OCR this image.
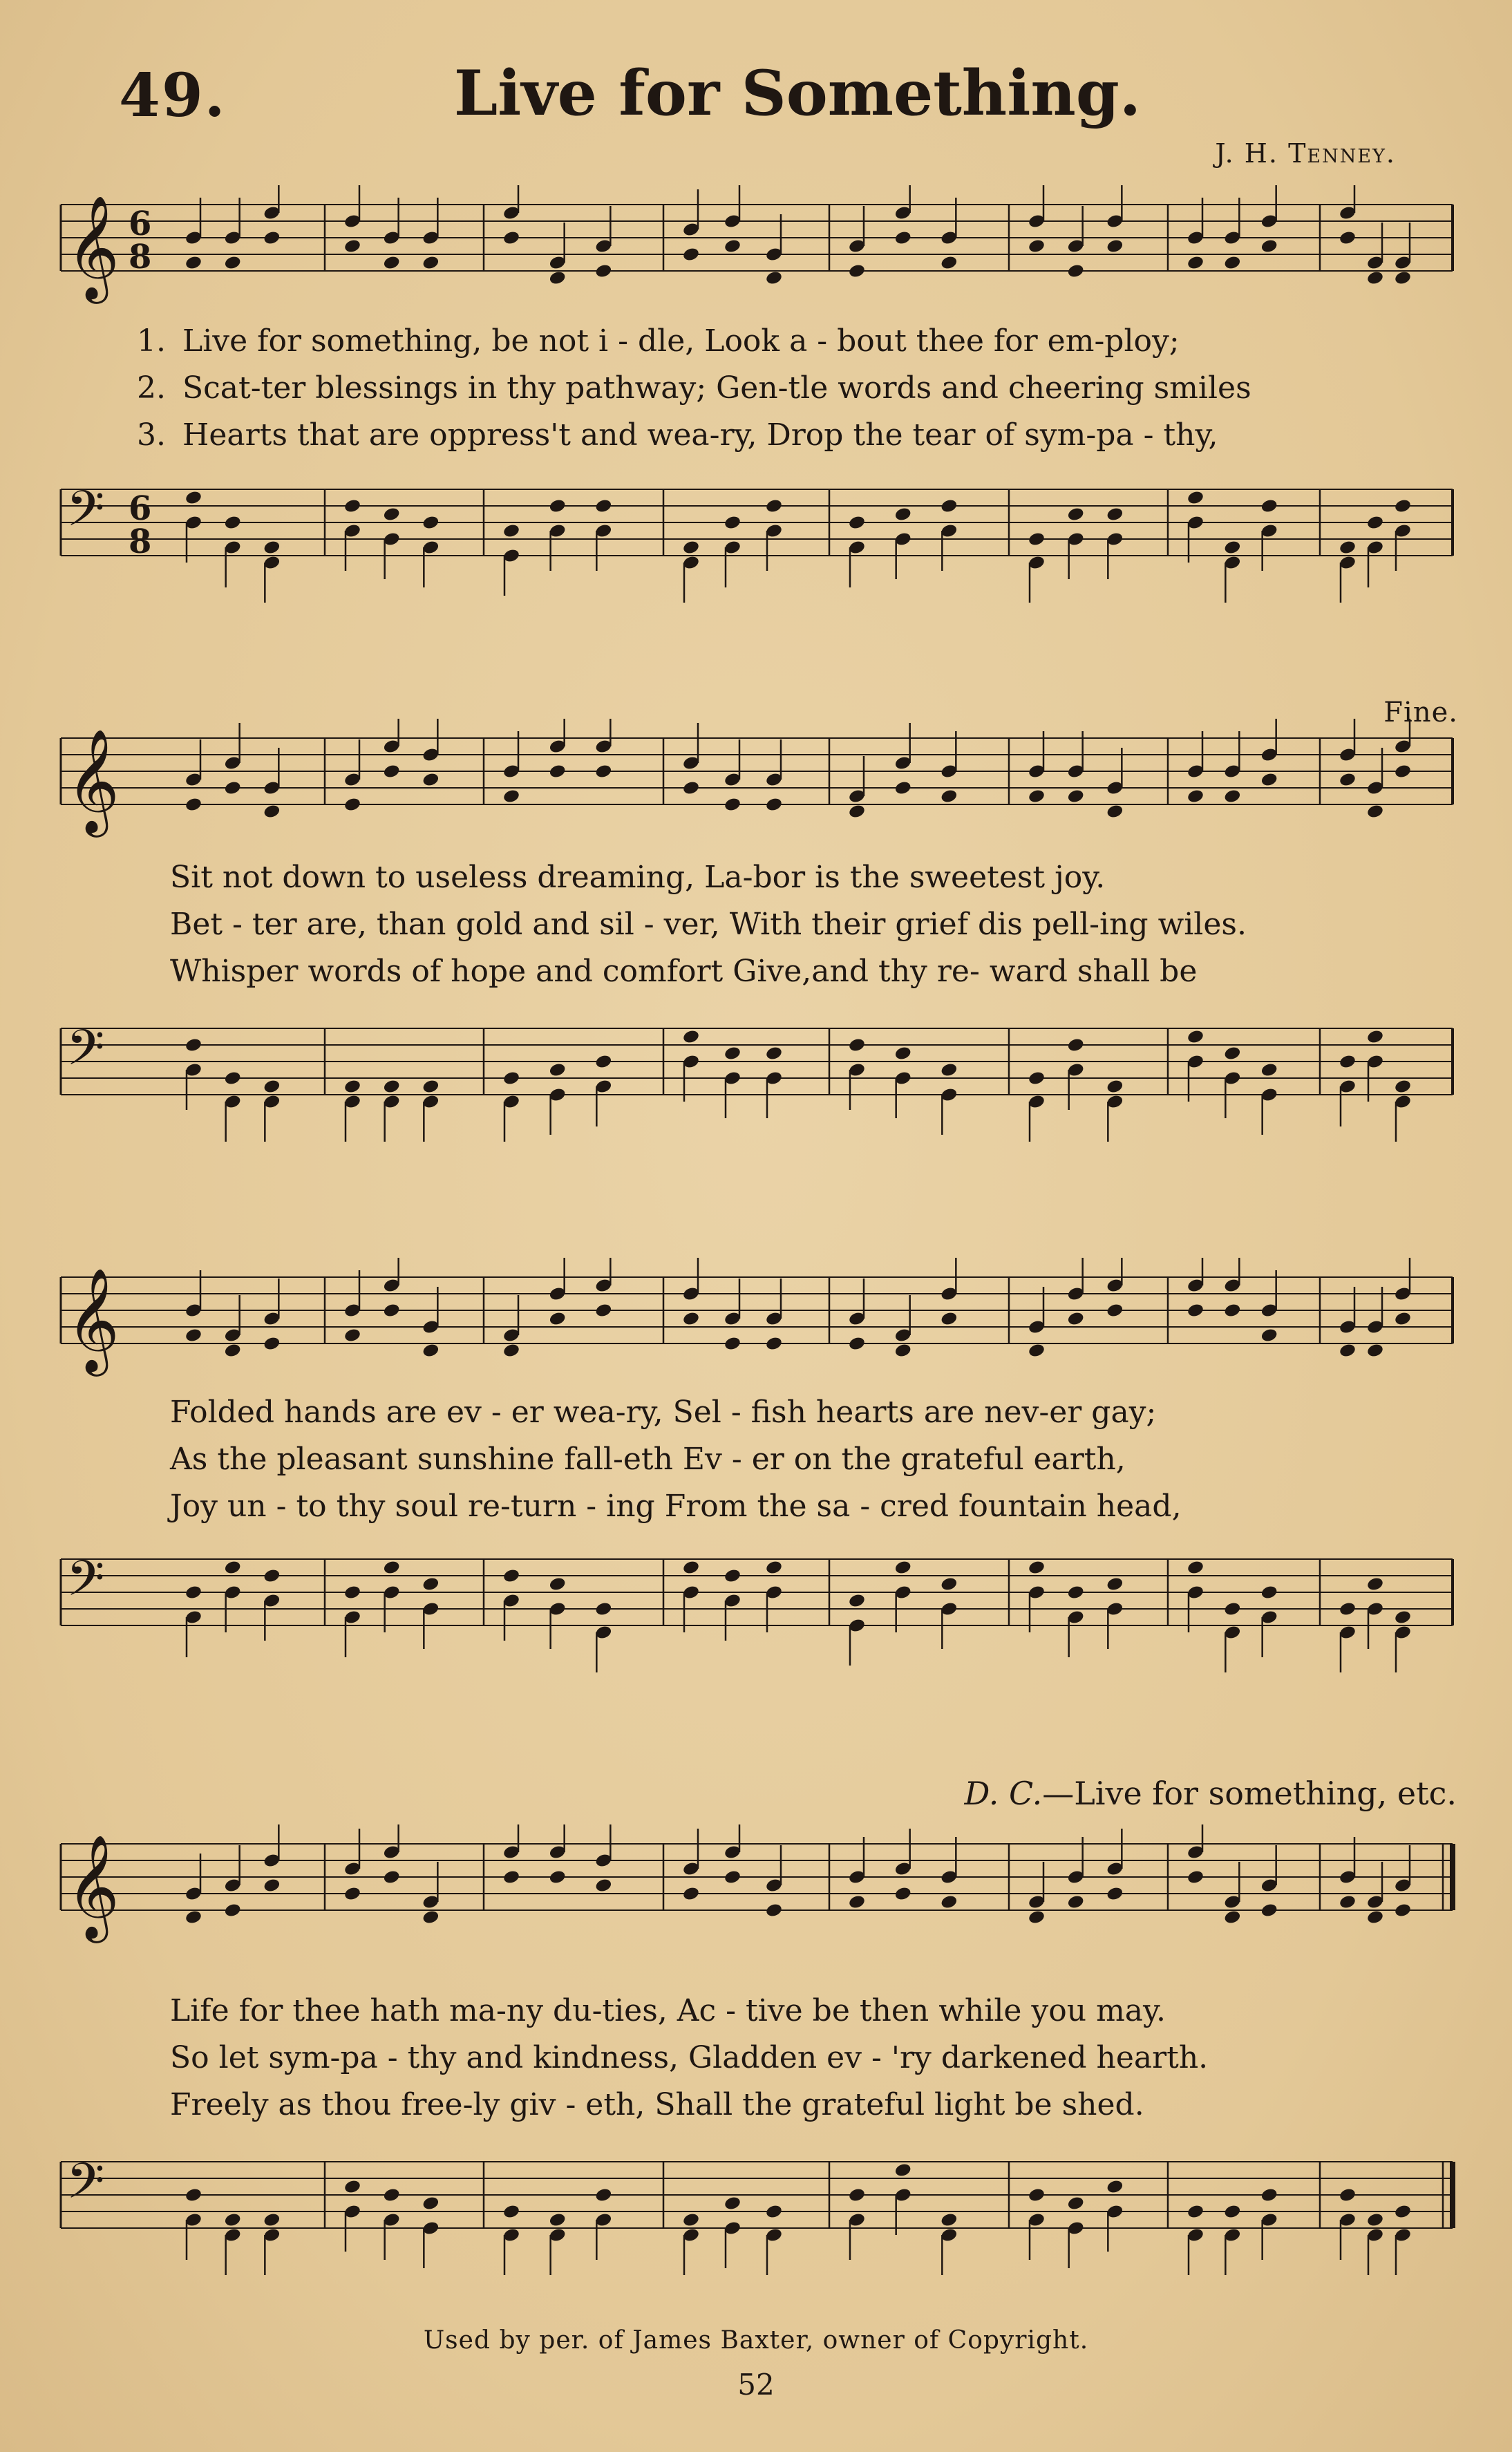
49.	Live for Something.
J. H. Tenney.
𝄞 6
8
1. Live for something, be not i - dle, Look a - bout thee for em-ploy;
2. Scat-ter blessings in thy pathway; Gen-tle words and cheering smiles
3. Hearts that are oppress't and wea-ry, Drop the tear of sym-pa - thy,
𝄢 6
8
Fine.
𝄞
Sit not down to useless dreaming, La-bor is the sweetest joy.
Bet - ter are, than gold and sil - ver, With their grief dis pell-ing wiles.
Whisper words of hope and comfort Give,and thy re- ward shall be
𝄢
𝄞
Folded hands are ev - er wea-ry, Sel - fish hearts are nev-er gay;
As the pleasant sunshine fall-eth Ev - er on the grateful earth,
Joy un - to thy soul re-turn - ing From the sa - cred fountain head,
𝄢
D. C.—Live for something, etc.
𝄞
Life for thee hath ma-ny du-ties, Ac - tive be then while you may.
So let sym-pa - thy and kindness, Gladden ev - 'ry darkened hearth.
Freely as thou free-ly giv - eth, Shall the grateful light be shed.
𝄢
Used by per. of James Baxter, owner of Copyright.
52
